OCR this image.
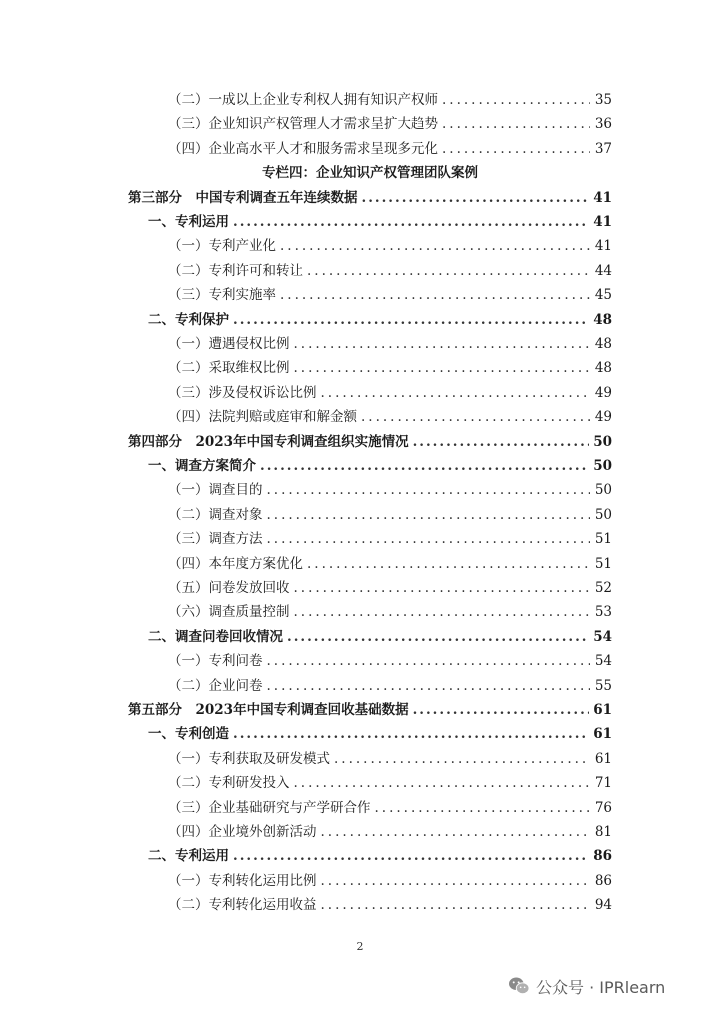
（二）一成以上企业专利权人拥有知识产权师 .....	35
（三）企业知识产权管理人才需求呈扩大趋势 .....	36
（四）企业高水平人才和服务需求呈现多元化 .....	37
专栏四：企业知识产权管理团队案例
第三部分　中国专利调查五年连续数据 .....	41
一、专利运用 .....	41
（一）专利产业化 .....	41
（二）专利许可和转让 .....	44
（三）专利实施率 .....	45
二、专利保护 .....	48
（一）遭遇侵权比例 .....	48
（二）采取维权比例 .....	48
（三）涉及侵权诉讼比例 .....	49
（四）法院判赔或庭审和解金额 .....	49
第四部分　2023年中国专利调查组织实施情况 .....	50
一、调查方案简介 .....	50
（一）调查目的 .....	50
（二）调查对象 .....	50
（三）调查方法 .....	51
（四）本年度方案优化 .....	51
（五）问卷发放回收 .....	52
（六）调查质量控制 .....	53
二、调查问卷回收情况 .....	54
（一）专利问卷 .....	54
（二）企业问卷 .....	55
第五部分　2023年中国专利调查回收基础数据 .....	61
一、专利创造 .....	61
（一）专利获取及研发模式 .....	61
（二）专利研发投入 .....	71
（三）企业基础研究与产学研合作 .....	76
（四）企业境外创新活动 .....	81
二、专利运用 .....	86
（一）专利转化运用比例 .....	86
（二）专利转化运用收益 .....	94
2
公众号 · IPRlearn
